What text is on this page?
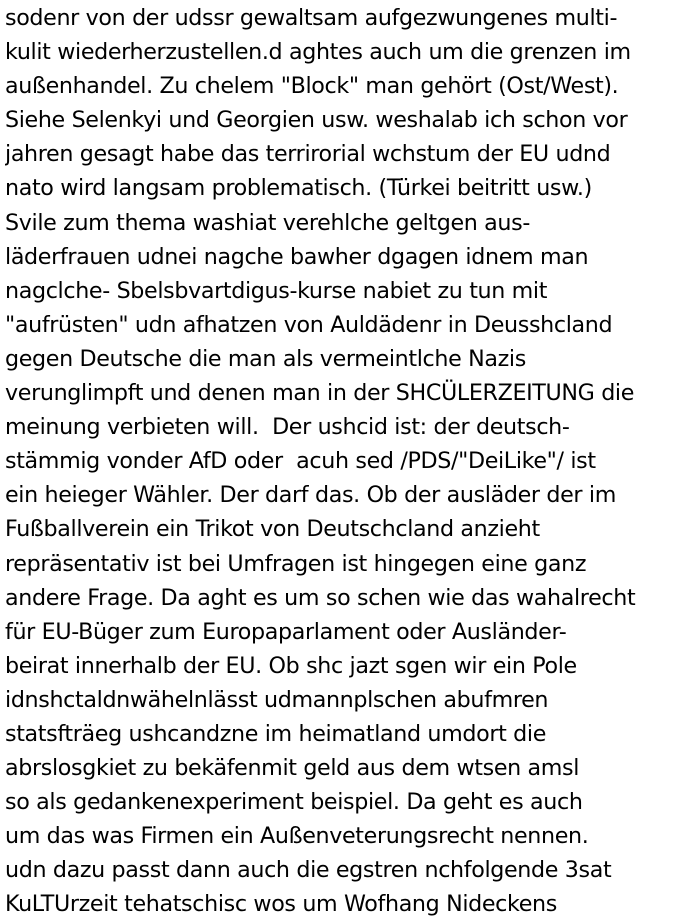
sodenr von der udssr gewaltsam aufgezwungenes multi-
kulit wiederherzustellen.d aghtes auch um die grenzen im
außenhandel. Zu chelem "Block" man gehört (Ost/West).
Siehe Selenkyi und Georgien usw. weshalab ich schon vor
jahren gesagt habe das terrirorial wchstum der EU udnd
nato wird langsam problematisch. (Türkei beitritt usw.)
Svile zum thema washiat verehlche geltgen aus-
läderfrauen udnei nagche bawher dgagen idnem man
nagclche- Sbelsbvartdigus-kurse nabiet zu tun mit
"aufrüsten" udn afhatzen von Auldädenr in Deusshcland
gegen Deutsche die man als vermeintlche Nazis
verunglimpft und denen man in der SHCÜLERZEITUNG die
meinung verbieten will.  Der ushcid ist: der deutsch-
stämmig vonder AfD oder  acuh sed /PDS/"DeiLike"/ ist
ein heieger Wähler. Der darf das. Ob der ausläder der im
Fußballverein ein Trikot von Deutschcland anzieht
repräsentativ ist bei Umfragen ist hingegen eine ganz
andere Frage. Da aght es um so schen wie das wahalrecht
für EU-Büger zum Europaparlament oder Ausländer-
beirat innerhalb der EU. Ob shc jazt sgen wir ein Pole
idnshctaldnwähelnlässt udmannplschen abufmren
statsfträeg ushcandzne im heimatland umdort die
abrslosgkiet zu bekäfenmit geld aus dem wtsen amsl
so als gedankenexperiment beispiel. Da geht es auch
um das was Firmen ein Außenveterungsrecht nennen.
udn dazu passt dann auch die egstren nchfolgende 3sat
KuLTUrzeit tehatschisc wos um Wofhang Nideckens
